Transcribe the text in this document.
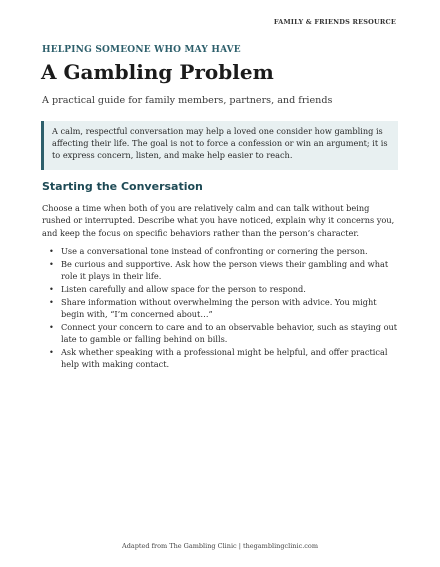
FAMILY & FRIENDS RESOURCE
HELPING SOMEONE WHO MAY HAVE
A Gambling Problem
A practical guide for family members, partners, and friends
A calm, respectful conversation may help a loved one consider how gambling is affecting their life. The goal is not to force a confession or win an argument; it is to express concern, listen, and make help easier to reach.
Starting the Conversation
Choose a time when both of you are relatively calm and can talk without being rushed or interrupted. Describe what you have noticed, explain why it concerns you, and keep the focus on specific behaviors rather than the person’s character.
• Use a conversational tone instead of confronting or cornering the person.
• Be curious and supportive. Ask how the person views their gambling and what role it plays in their life.
• Listen carefully and allow space for the person to respond.
• Share information without overwhelming the person with advice. You might begin with, “I’m concerned about…”
• Connect your concern to care and to an observable behavior, such as staying out late to gamble or falling behind on bills.
• Ask whether speaking with a professional might be helpful, and offer practical help with making contact.
Adapted from The Gambling Clinic | thegamblingclinic.com
